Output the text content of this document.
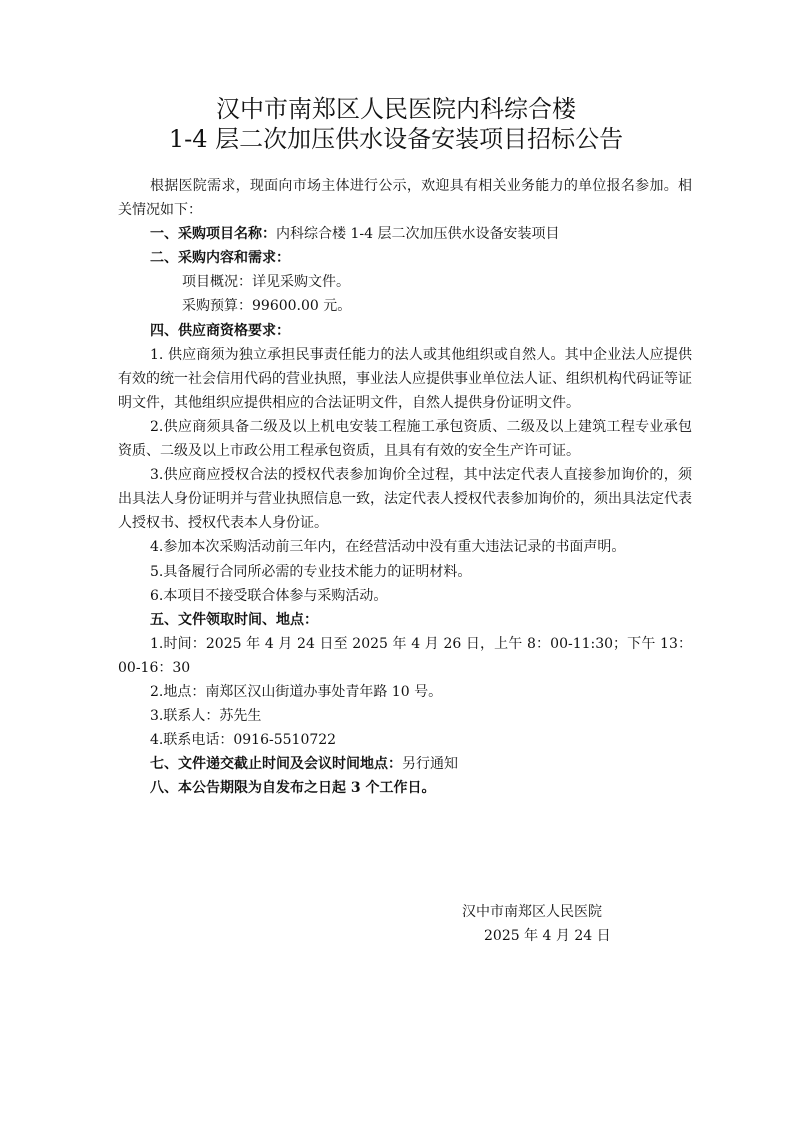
汉中市南郑区人民医院内科综合楼
1-4 层二次加压供水设备安装项目招标公告

根据医院需求，现面向市场主体进行公示，欢迎具有相关业务能力的单位报名参加。相关情况如下：

一、采购项目名称：内科综合楼 1-4 层二次加压供水设备安装项目

二、采购内容和需求：

项目概况：详见采购文件。

采购预算：99600.00 元。

四、供应商资格要求：

1. 供应商须为独立承担民事责任能力的法人或其他组织或自然人。其中企业法人应提供有效的统一社会信用代码的营业执照，事业法人应提供事业单位法人证、组织机构代码证等证明文件，其他组织应提供相应的合法证明文件，自然人提供身份证明文件。

2.供应商须具备二级及以上机电安装工程施工承包资质、二级及以上建筑工程专业承包资质、二级及以上市政公用工程承包资质，且具有有效的安全生产许可证。

3.供应商应授权合法的授权代表参加询价全过程，其中法定代表人直接参加询价的，须出具法人身份证明并与营业执照信息一致，法定代表人授权代表参加询价的，须出具法定代表人授权书、授权代表本人身份证。

4.参加本次采购活动前三年内，在经营活动中没有重大违法记录的书面声明。

5.具备履行合同所必需的专业技术能力的证明材料。

6.本项目不接受联合体参与采购活动。

五、文件领取时间、地点：

1.时间：2025 年 4 月 24 日至 2025 年 4 月 26 日，上午 8：00-11:30；下午 13：00-16：30

2.地点：南郑区汉山街道办事处青年路 10 号。

3.联系人：苏先生

4.联系电话：0916-5510722

七、文件递交截止时间及会议时间地点：另行通知

八、本公告期限为自发布之日起 3 个工作日。

汉中市南郑区人民医院
2025 年 4 月 24 日
